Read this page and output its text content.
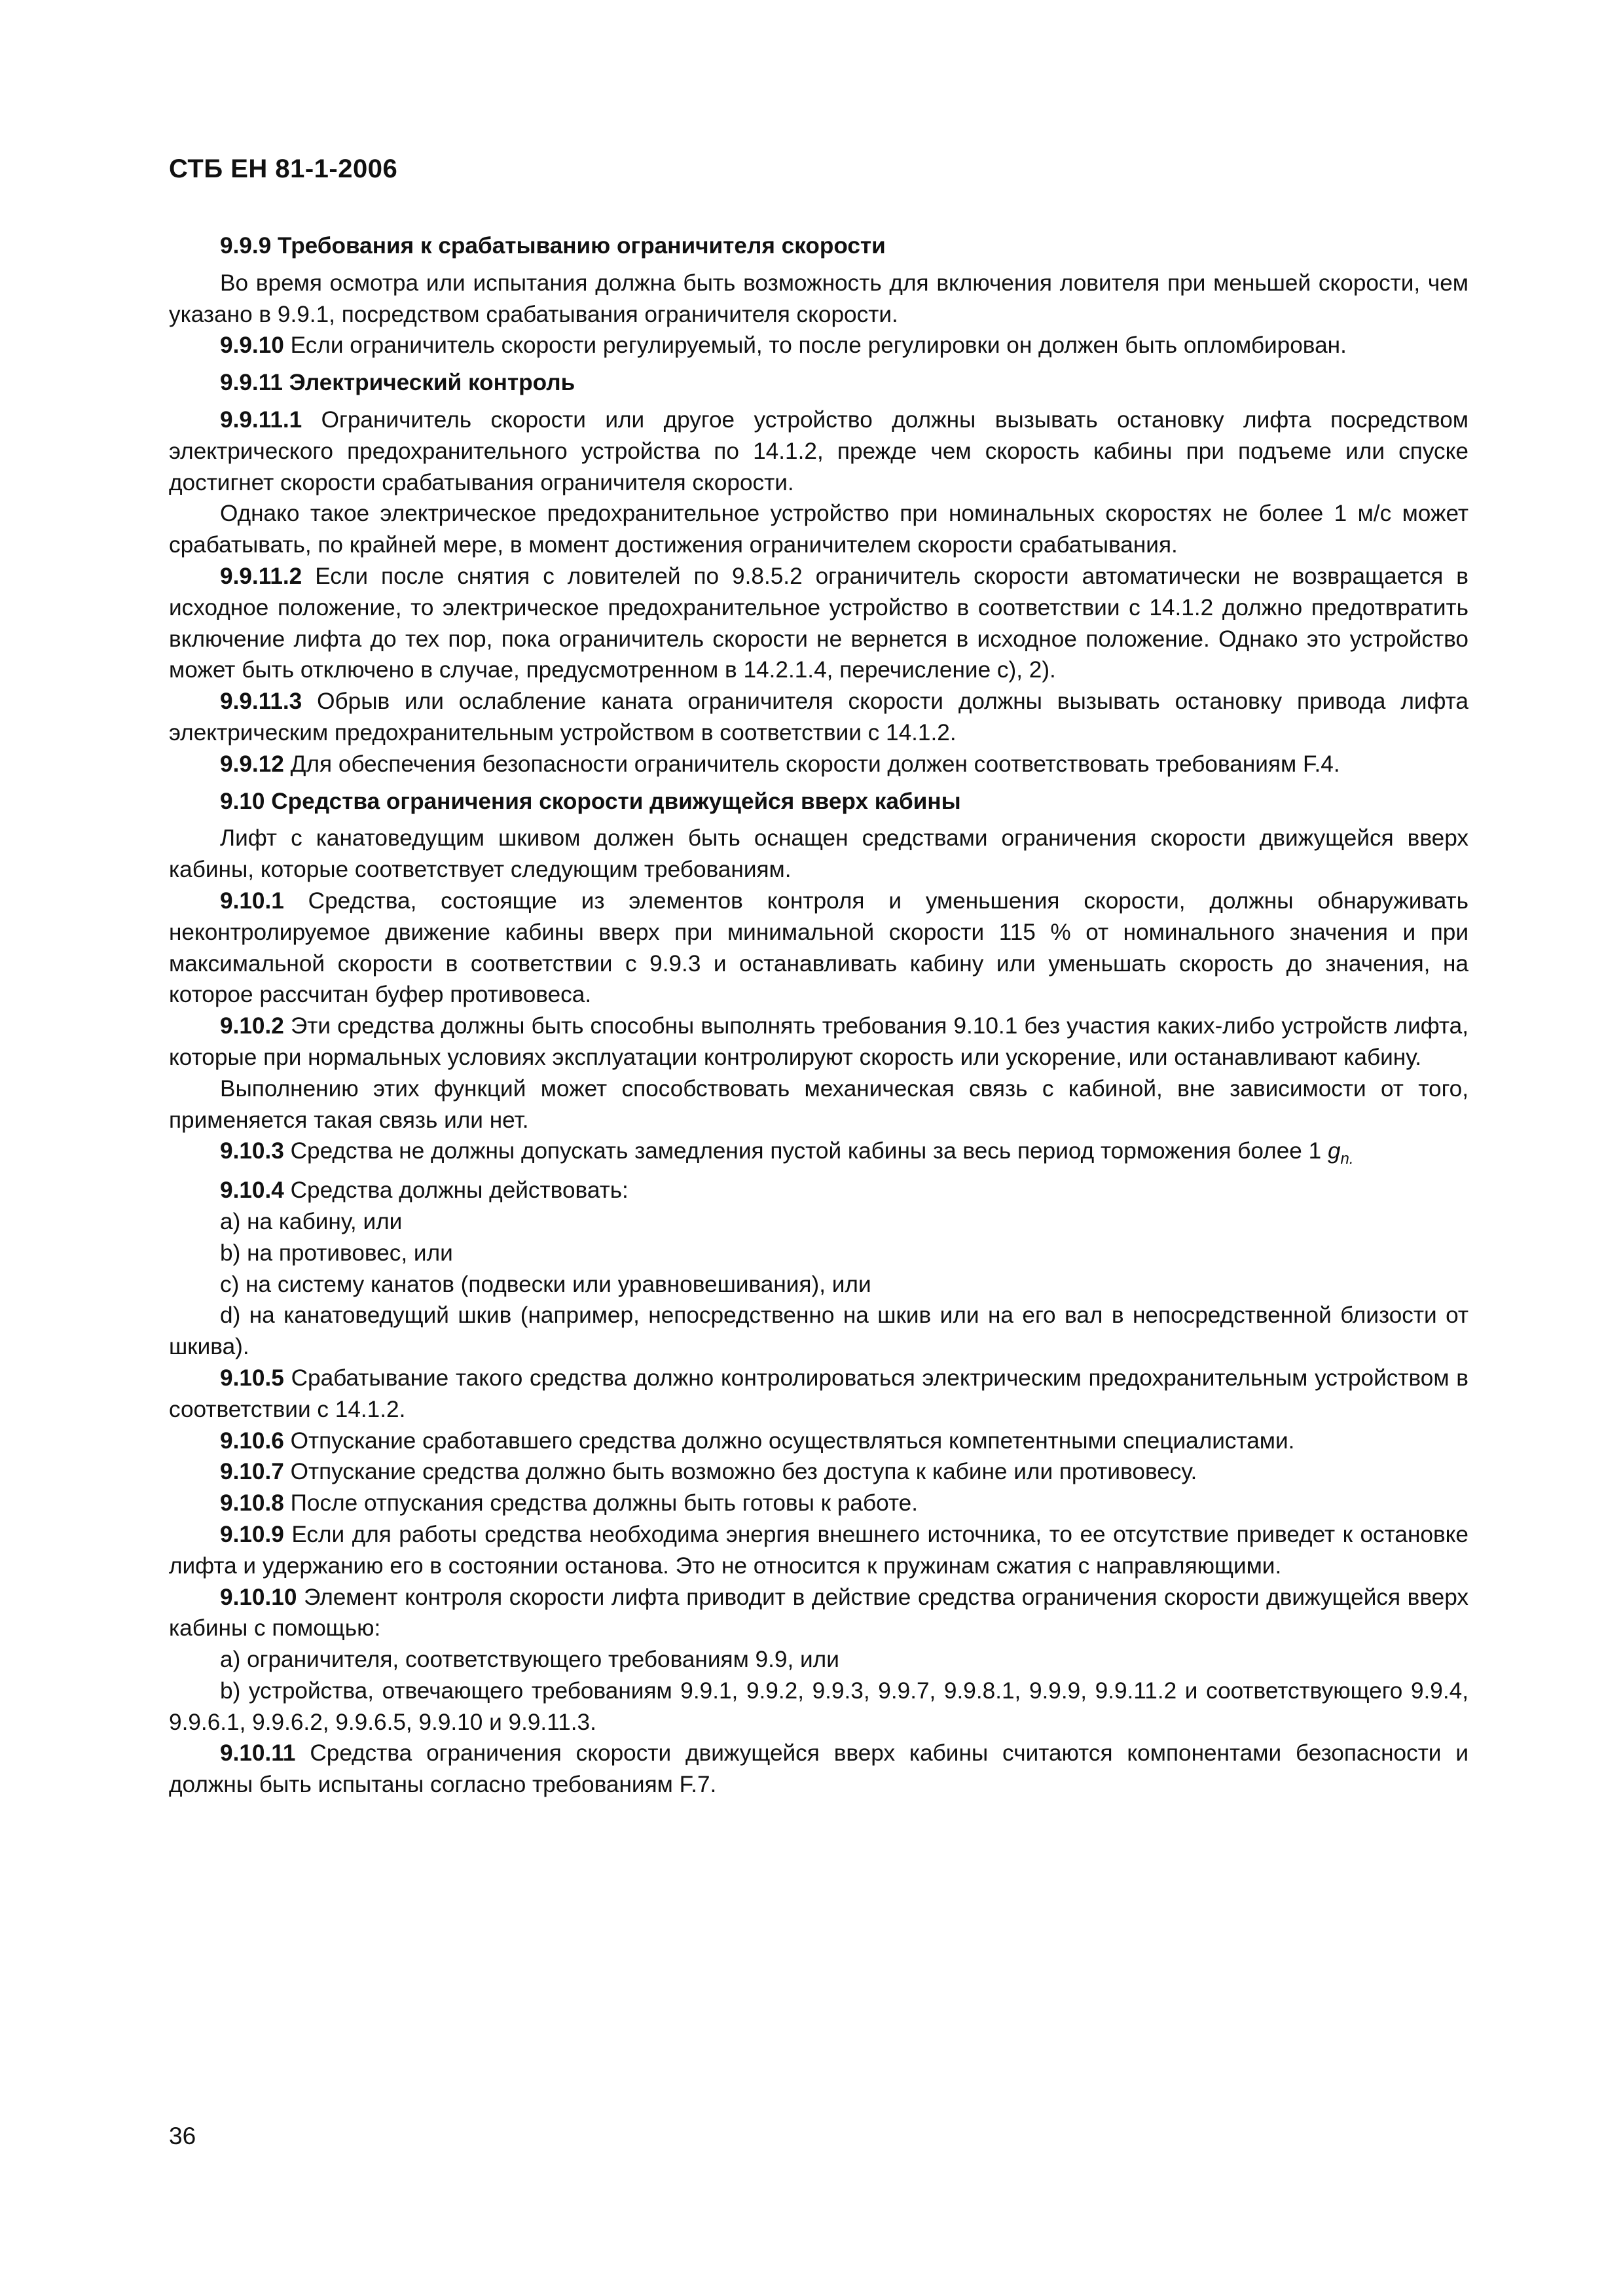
СТБ ЕН 81-1-2006
9.9.9 Требования к срабатыванию ограничителя скорости

Во время осмотра или испытания должна быть возможность для включения ловителя при меньшей скорости, чем указано в 9.9.1, посредством срабатывания ограничителя скорости.

9.9.10 Если ограничитель скорости регулируемый, то после регулировки он должен быть опломбирован.

9.9.11 Электрический контроль

9.9.11.1 Ограничитель скорости или другое устройство должны вызывать остановку лифта посредством электрического предохранительного устройства по 14.1.2, прежде чем скорость кабины при подъеме или спуске достигнет скорости срабатывания ограничителя скорости.

Однако такое электрическое предохранительное устройство при номинальных скоростях не более 1 м/с может срабатывать, по крайней мере, в момент достижения ограничителем скорости срабатывания.

9.9.11.2 Если после снятия с ловителей по 9.8.5.2 ограничитель скорости автоматически не возвращается в исходное положение, то электрическое предохранительное устройство в соответствии с 14.1.2 должно предотвратить включение лифта до тех пор, пока ограничитель скорости не вернется в исходное положение. Однако это устройство может быть отключено в случае, предусмотренном в 14.2.1.4, перечисление с), 2).

9.9.11.3 Обрыв или ослабление каната ограничителя скорости должны вызывать остановку привода лифта электрическим предохранительным устройством в соответствии с 14.1.2.

9.9.12 Для обеспечения безопасности ограничитель скорости должен соответствовать требованиям F.4.

9.10 Средства ограничения скорости движущейся вверх кабины

Лифт с канатоведущим шкивом должен быть оснащен средствами ограничения скорости движущейся вверх кабины, которые соответствует следующим требованиям.

9.10.1 Средства, состоящие из элементов контроля и уменьшения скорости, должны обнаруживать неконтролируемое движение кабины вверх при минимальной скорости 115 % от номинального значения и при максимальной скорости в соответствии с 9.9.3 и останавливать кабину или уменьшать скорость до значения, на которое рассчитан буфер противовеса.

9.10.2 Эти средства должны быть способны выполнять требования 9.10.1 без участия каких-либо устройств лифта, которые при нормальных условиях эксплуатации контролируют скорость или ускорение, или останавливают кабину.

Выполнению этих функций может способствовать механическая связь с кабиной, вне зависимости от того, применяется такая связь или нет.

9.10.3 Средства не должны допускать замедления пустой кабины за весь период торможения более 1 $g_{n.}$

9.10.4 Средства должны действовать:

a) на кабину, или

b) на противовес, или

c) на систему канатов (подвески или уравновешивания), или

d) на канатоведущий шкив (например, непосредственно на шкив или на его вал в непосредственной близости от шкива).

9.10.5 Срабатывание такого средства должно контролироваться электрическим предохранительным устройством в соответствии с 14.1.2.

9.10.6 Отпускание сработавшего средства должно осуществляться компетентными специалистами.

9.10.7 Отпускание средства должно быть возможно без доступа к кабине или противовесу.

9.10.8 После отпускания средства должны быть готовы к работе.

9.10.9 Если для работы средства необходима энергия внешнего источника, то ее отсутствие приведет к остановке лифта и удержанию его в состоянии останова. Это не относится к пружинам сжатия с направляющими.

9.10.10 Элемент контроля скорости лифта приводит в действие средства ограничения скорости движущейся вверх кабины с помощью:

a) ограничителя, соответствующего требованиям 9.9, или

b) устройства, отвечающего требованиям 9.9.1, 9.9.2, 9.9.3, 9.9.7, 9.9.8.1, 9.9.9, 9.9.11.2 и соответствующего 9.9.4, 9.9.6.1, 9.9.6.2, 9.9.6.5, 9.9.10 и 9.9.11.3.

9.10.11 Средства ограничения скорости движущейся вверх кабины считаются компонентами безопасности и должны быть испытаны согласно требованиям F.7.

36
